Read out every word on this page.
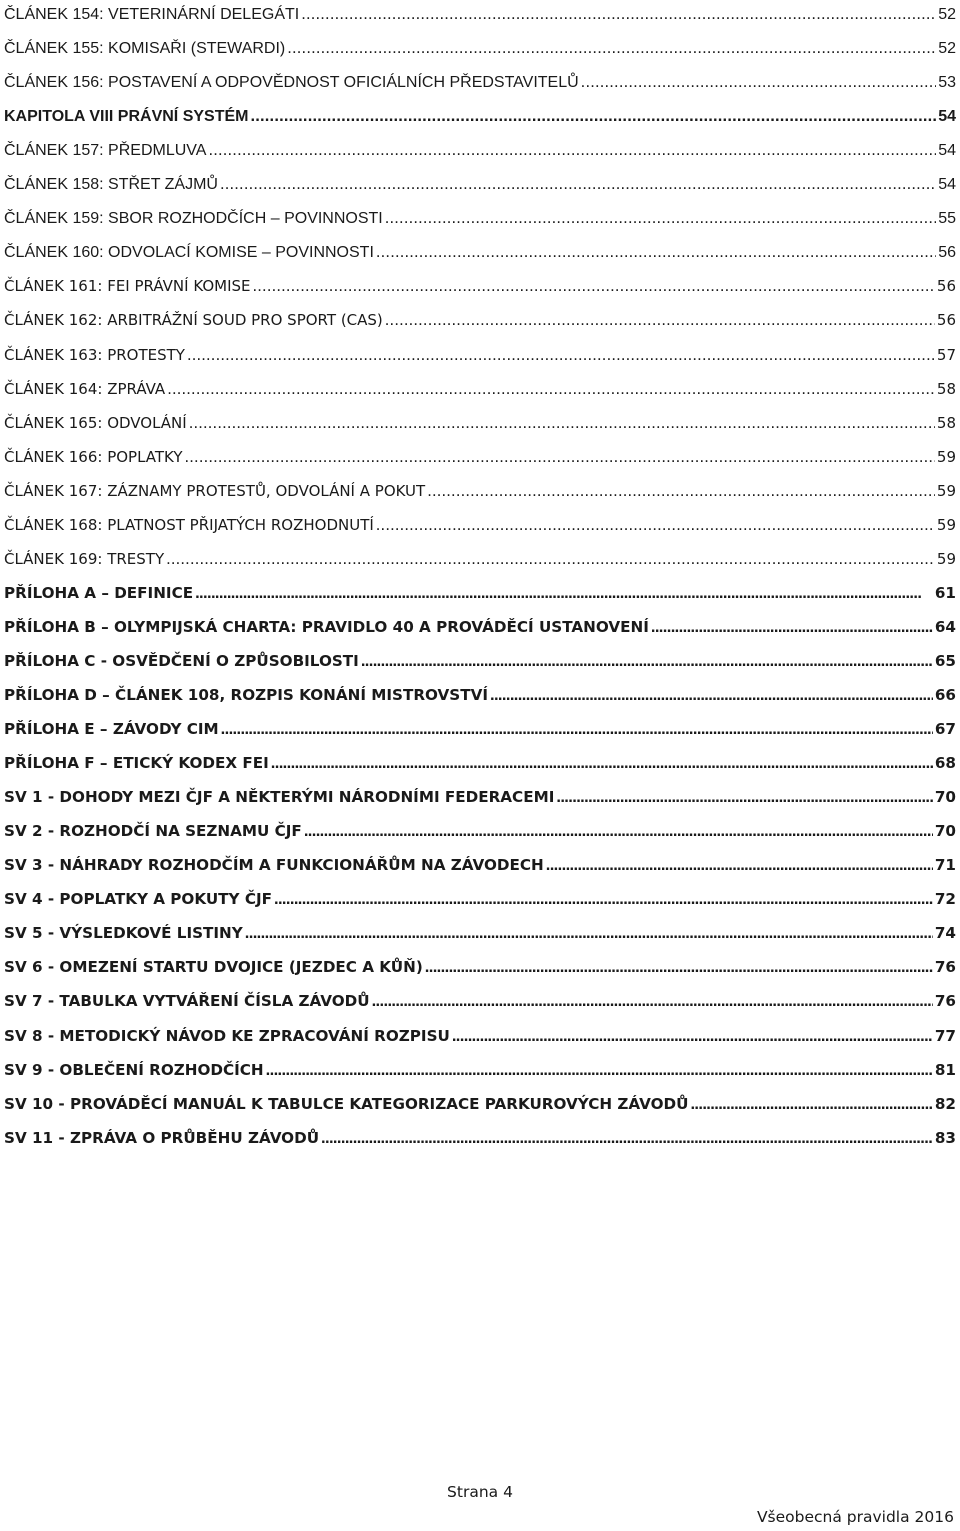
ČLÁNEK 154: VETERINÁRNÍ DELEGÁTI . . .	52
ČLÁNEK 155: KOMISAŘI (STEWARDI) . . .	52
ČLÁNEK 156: POSTAVENÍ A ODPOVĚDNOST OFICIÁLNÍCH PŘEDSTAVITELŮ . . .	53
KAPITOLA VIII PRÁVNÍ SYSTÉM . . .	54
ČLÁNEK 157: PŘEDMLUVA . . .	54
ČLÁNEK 158: STŘET ZÁJMŮ . . .	54
ČLÁNEK 159: SBOR ROZHODČÍCH – POVINNOSTI . . .	55
ČLÁNEK 160: ODVOLACÍ KOMISE – POVINNOSTI . . .	56
ČLÁNEK 161: FEI PRÁVNÍ KOMISE . . .	56
ČLÁNEK 162: ARBITRÁŽNÍ SOUD PRO SPORT (CAS) . . .	56
ČLÁNEK 163: PROTESTY . . .	57
ČLÁNEK 164: ZPRÁVA . . .	58
ČLÁNEK 165: ODVOLÁNÍ . . .	58
ČLÁNEK 166: POPLATKY . . .	59
ČLÁNEK 167: ZÁZNAMY PROTESTŮ, ODVOLÁNÍ A POKUT . . .	59
ČLÁNEK 168: PLATNOST PŘIJATÝCH ROZHODNUTÍ . . .	59
ČLÁNEK 169: TRESTY . . .	59
PŘÍLOHA A – DEFINICE . . .	61
PŘÍLOHA B – OLYMPIJSKÁ CHARTA: PRAVIDLO 40 A PROVÁDĚCÍ USTANOVENÍ . . .	64
PŘÍLOHA C - OSVĚDČENÍ O ZPŮSOBILOSTI . . .	65
PŘÍLOHA D – ČLÁNEK 108, ROZPIS KONÁNÍ MISTROVSTVÍ . . .	66
PŘÍLOHA E – ZÁVODY CIM . . .	67
PŘÍLOHA F – ETICKÝ KODEX FEI . . .	68
SV 1 - DOHODY MEZI ČJF A NĚKTERÝMI NÁRODNÍMI FEDERACEMI . . .	70
SV 2 - ROZHODČÍ NA SEZNAMU ČJF . . .	70
SV 3 - NÁHRADY ROZHODČÍM A FUNKCIONÁŘŮM NA ZÁVODECH . . .	71
SV 4 - POPLATKY A POKUTY ČJF . . .	72
SV 5 - VÝSLEDKOVÉ LISTINY . . .	74
SV 6 - OMEZENÍ STARTU DVOJICE (JEZDEC A KŮŇ) . . .	76
SV 7 - TABULKA VYTVÁŘENÍ ČÍSLA ZÁVODŮ . . .	76
SV 8 - METODICKÝ NÁVOD KE ZPRACOVÁNÍ ROZPISU . . .	77
SV 9 - OBLEČENÍ ROZHODČÍCH . . .	81
SV 10 - PROVÁDĚCÍ MANUÁL K TABULCE KATEGORIZACE PARKUROVÝCH ZÁVODŮ . . .	82
SV 11 - ZPRÁVA O PRŮBĚHU ZÁVODŮ . . .	83
Strana 4
Všeobecná pravidla 2016
